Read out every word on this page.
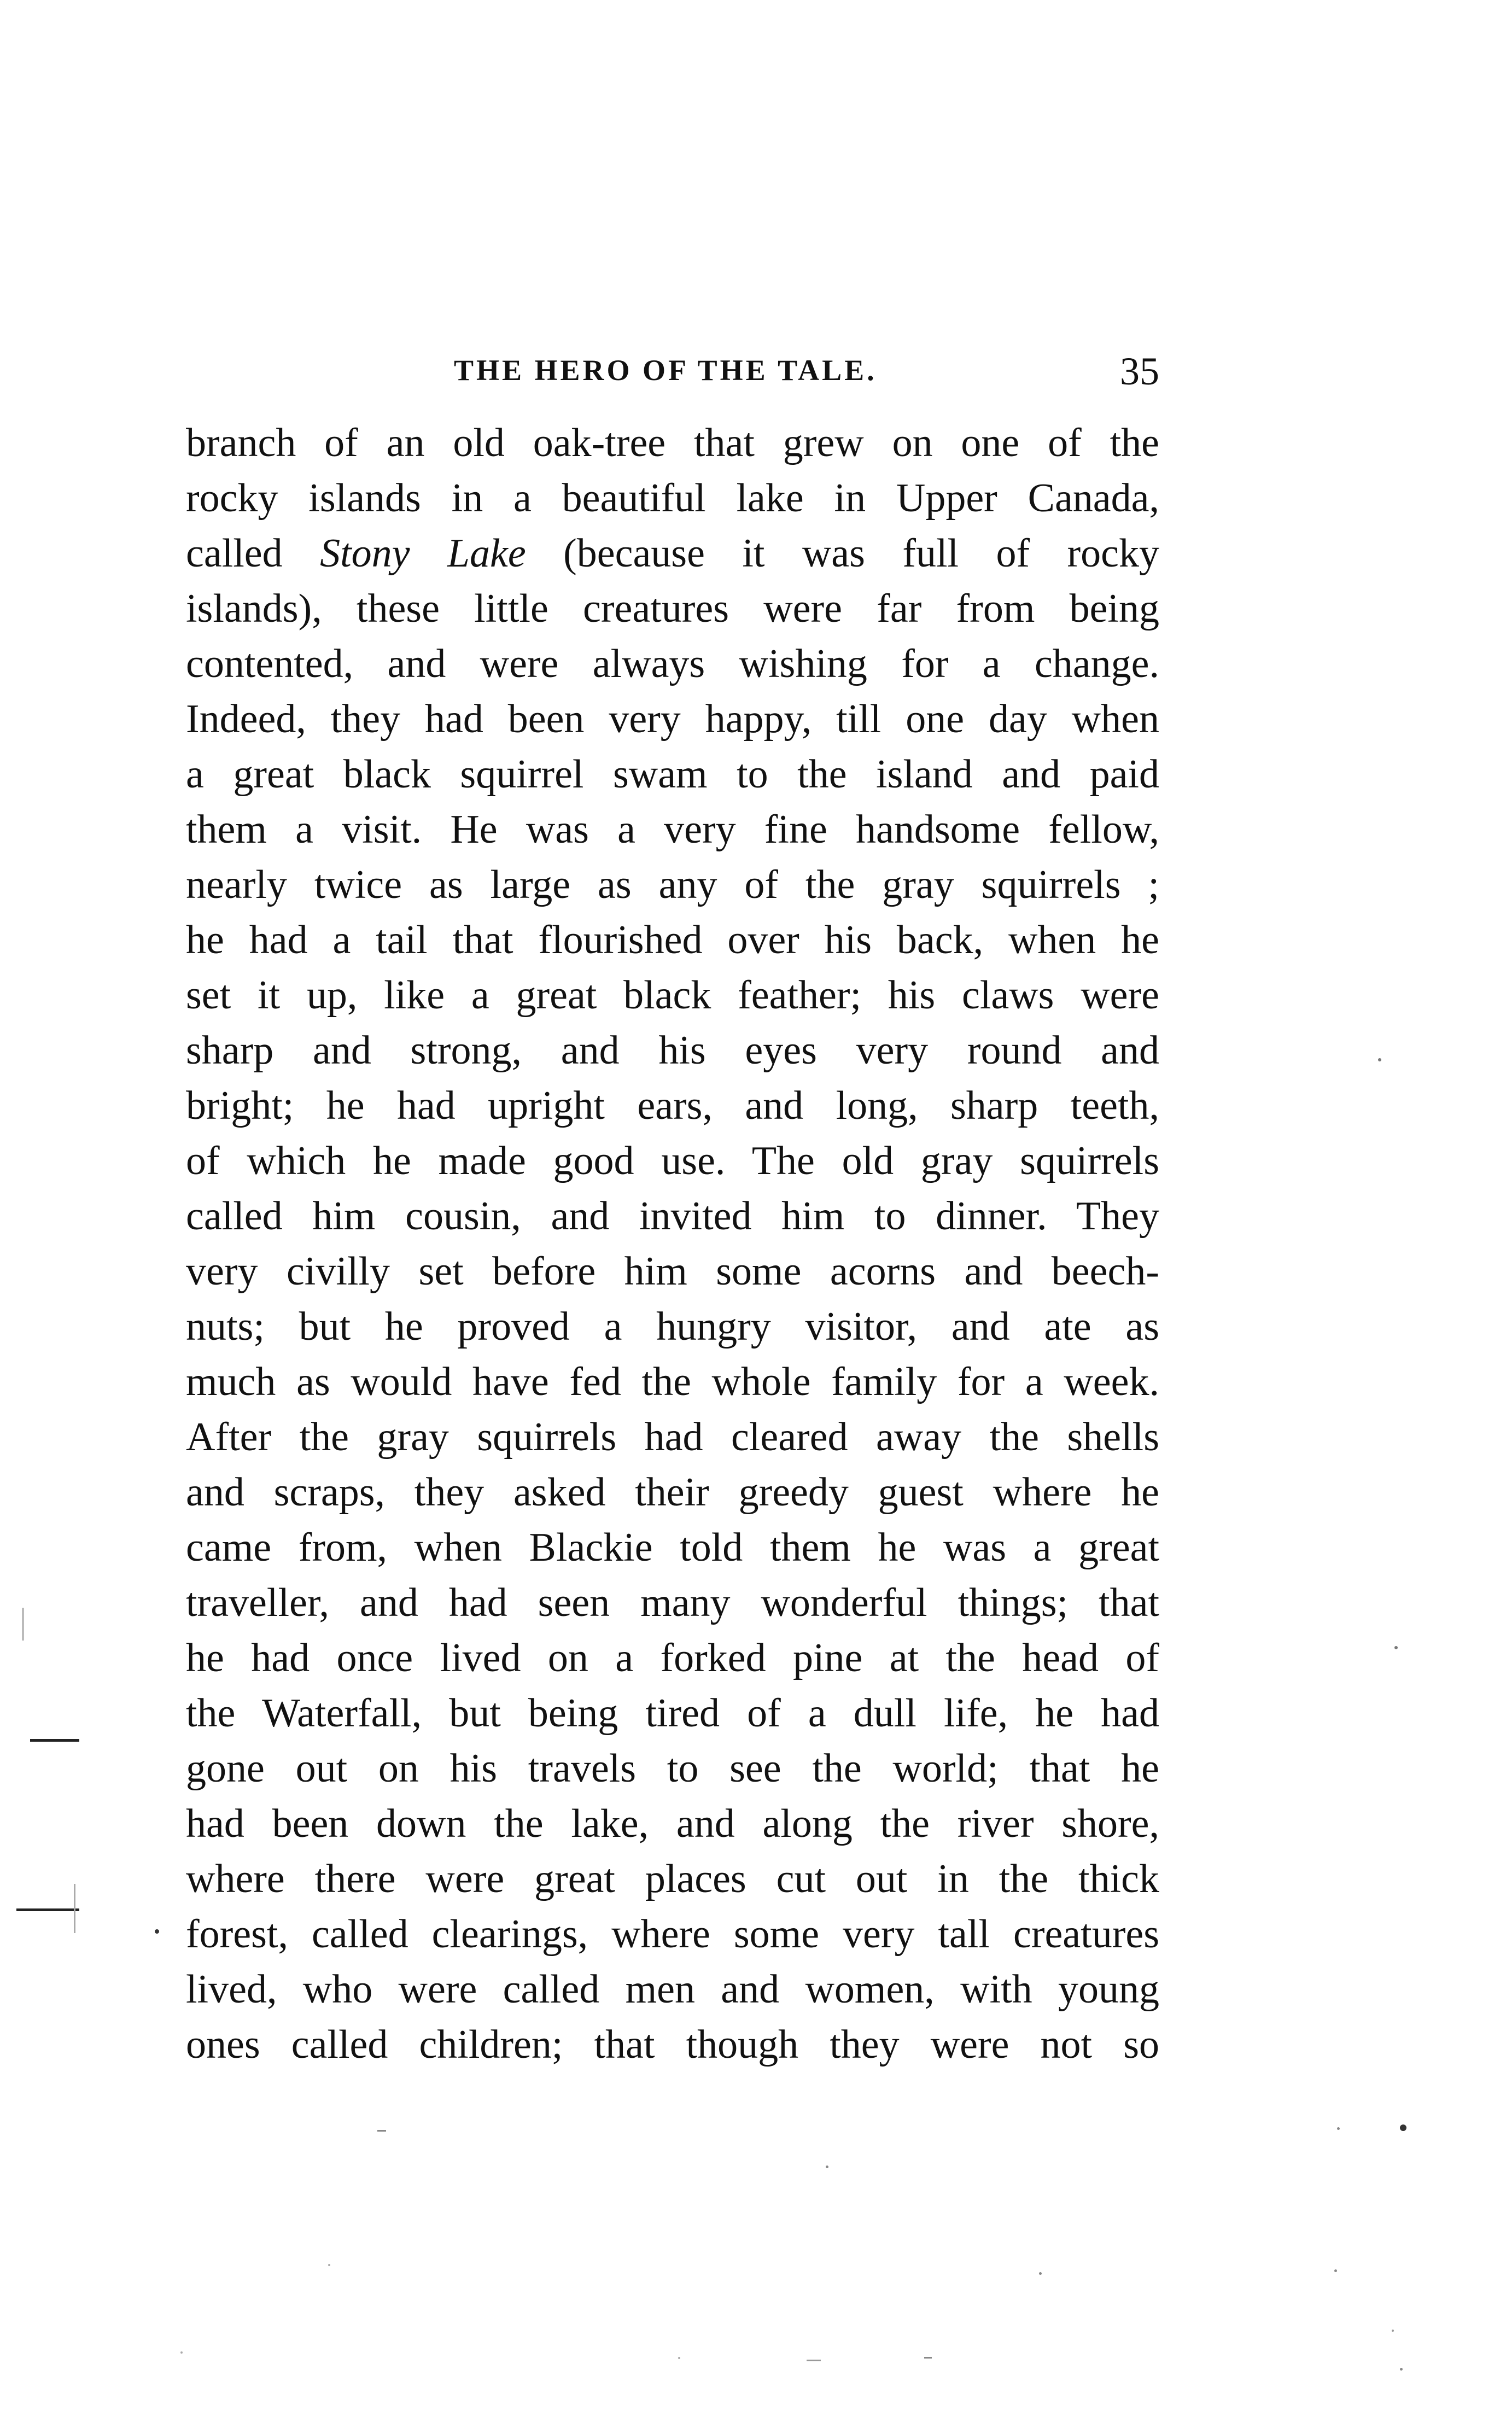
THE HERO OF THE TALE.	35
branch of an old oak-tree that grew on one of the
rocky islands in a beautiful lake in Upper Canada,
called Stony Lake (because it was full of rocky
islands), these little creatures were far from being
contented, and were always wishing for a change.
Indeed, they had been very happy, till one day when
a great black squirrel swam to the island and paid
them a visit. He was a very fine handsome fellow,
nearly twice as large as any of the gray squirrels ;
he had a tail that flourished over his back, when he
set it up, like a great black feather; his claws were
sharp and strong, and his eyes very round and
bright; he had upright ears, and long, sharp teeth,
of which he made good use. The old gray squirrels
called him cousin, and invited him to dinner. They
very civilly set before him some acorns and beech-
nuts; but he proved a hungry visitor, and ate as
much as would have fed the whole family for a week.
After the gray squirrels had cleared away the shells
and scraps, they asked their greedy guest where he
came from, when Blackie told them he was a great
traveller, and had seen many wonderful things; that
he had once lived on a forked pine at the head of
the Waterfall, but being tired of a dull life, he had
gone out on his travels to see the world; that he
had been down the lake, and along the river shore,
where there were great places cut out in the thick
forest, called clearings, where some very tall creatures
lived, who were called men and women, with young
ones called children; that though they were not so
